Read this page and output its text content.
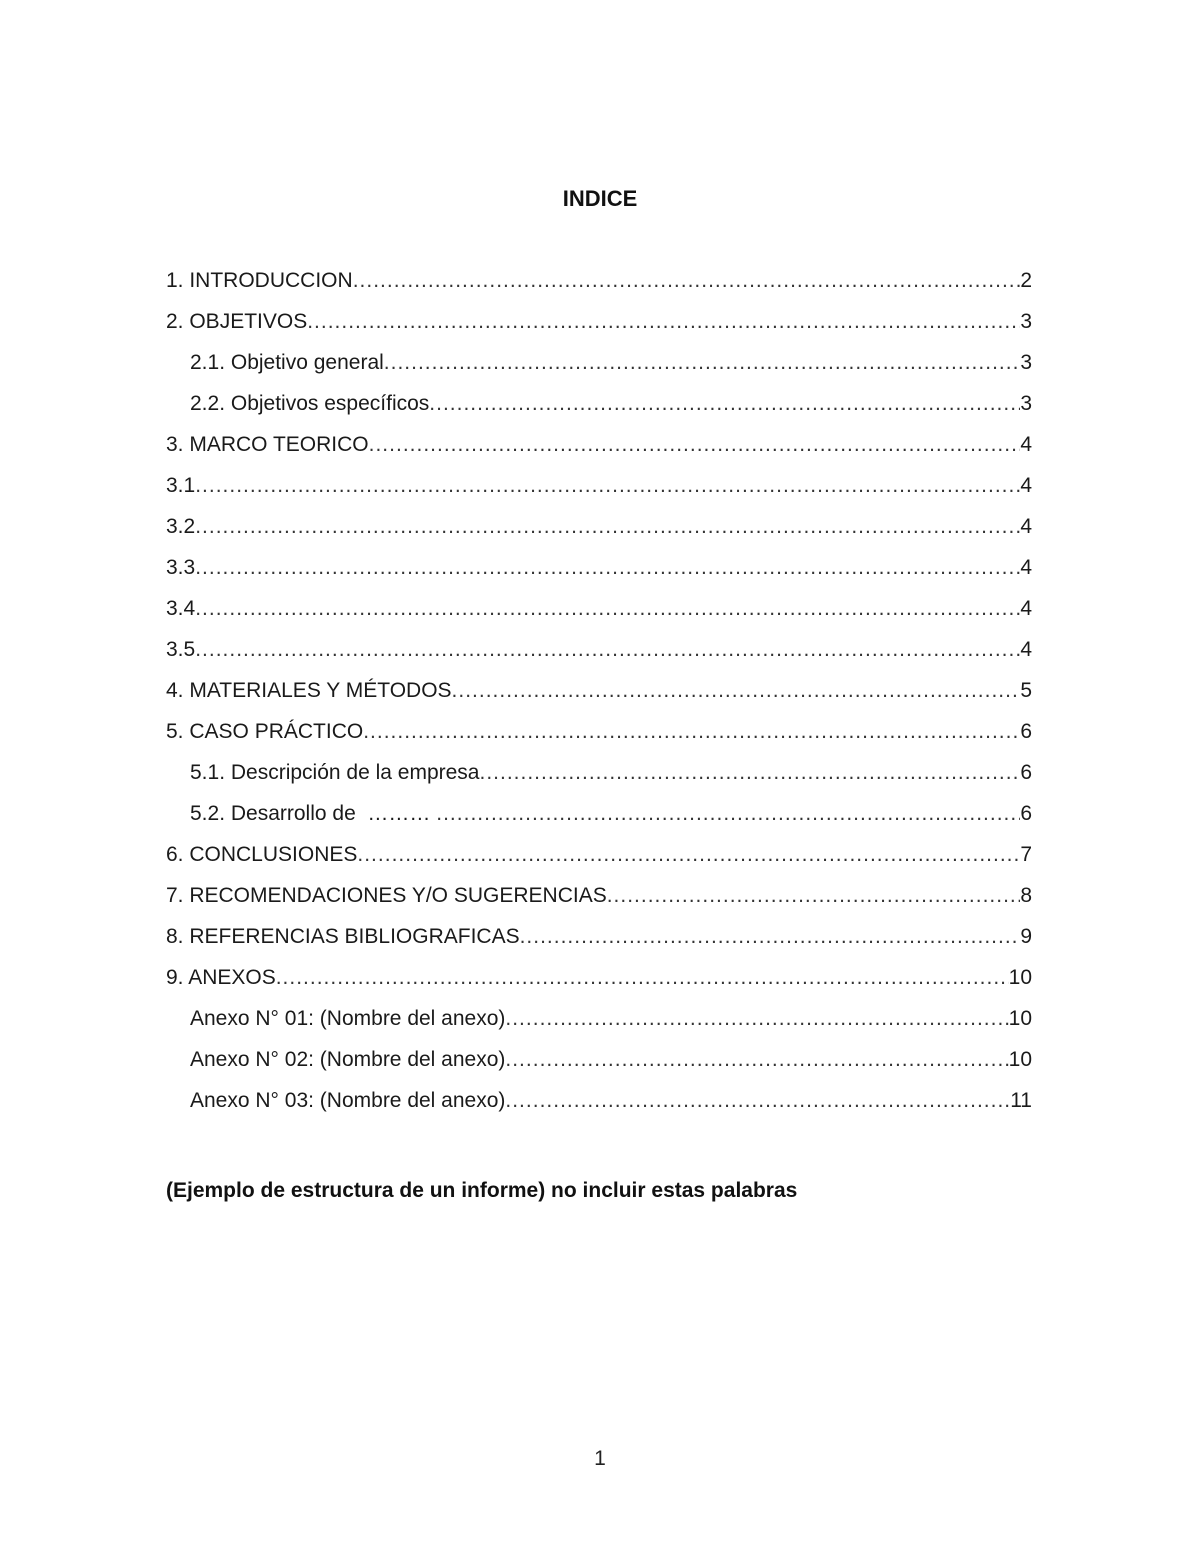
INDICE
1. INTRODUCCION .....	2
2. OBJETIVOS .....	3
2.1. Objetivo general .....	3
2.2. Objetivos específicos .....	3
3. MARCO TEORICO .....	4
3.1 .....	4
3.2 .....	4
3.3 .....	4
3.4 .....	4
3.5 .....	4
4. MATERIALES Y MÉTODOS .....	5
5. CASO PRÁCTICO .....	6
5.1. Descripción de la empresa .....	6
5.2. Desarrollo de  ……… .....	6
6. CONCLUSIONES .....	7
7. RECOMENDACIONES Y/O SUGERENCIAS .....	8
8. REFERENCIAS BIBLIOGRAFICAS .....	9
9. ANEXOS .....	10
Anexo N° 01: (Nombre del anexo) .....	10
Anexo N° 02: (Nombre del anexo) .....	10
Anexo N° 03: (Nombre del anexo) .....	11
(Ejemplo de estructura de un informe) no incluir estas palabras
1
